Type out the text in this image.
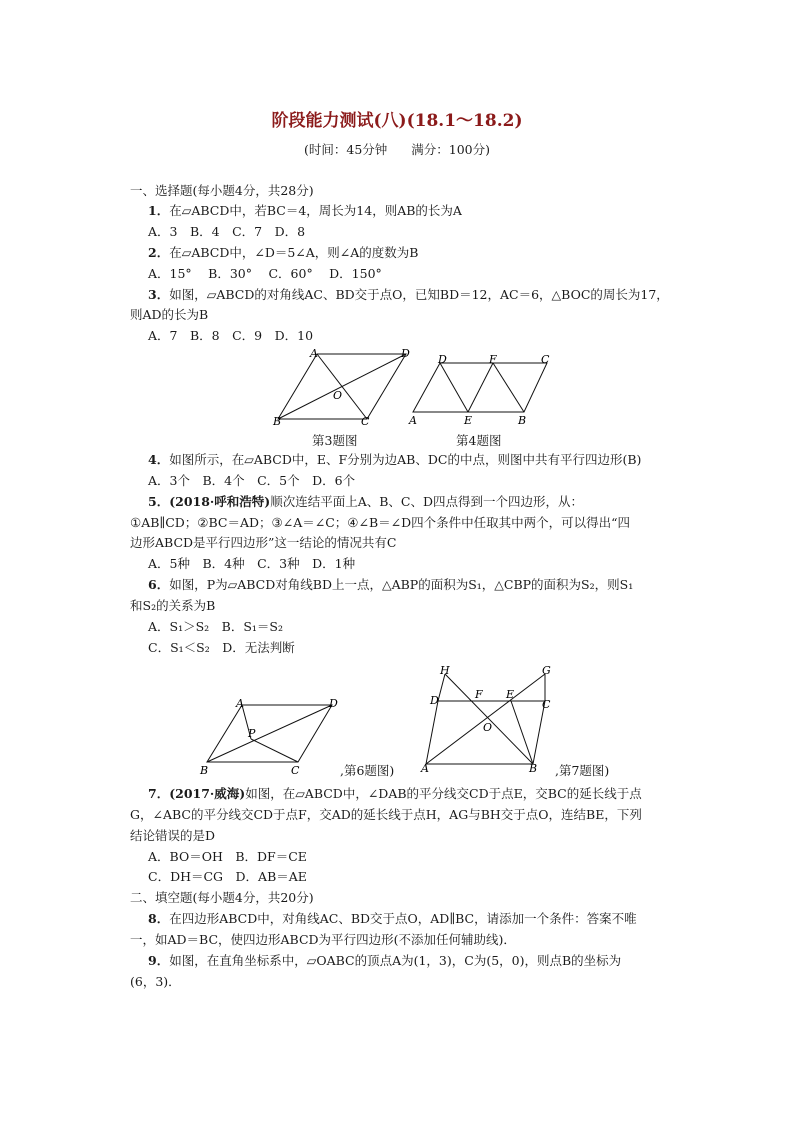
阶段能力测试(八)(18.1～18.2)
(时间：45分钟 满分：100分)
一、选择题(每小题4分，共28分)
1．在▱ABCD中，若BC＝4，周长为14，则AB的长为A
A．3　B．4　C．7　D．8
2．在▱ABCD中，∠D＝5∠A，则∠A的度数为B
A．15°　 B．30°　 C．60°　 D．150°
3．如图，▱ABCD的对角线AC、BD交于点O，已知BD＝12，AC＝6，△BOC的周长为17，
则AD的长为B
A．7　B．8　C．9　D．10
A	D
B	C
O
第3题图
D	F	C
A	E	B
第4题图
4．如图所示，在▱ABCD中，E、F分别为边AB、DC的中点，则图中共有平行四边形(B)
A．3个　B．4个　C．5个　D．6个
5．(2018·呼和浩特)顺次连结平面上A、B、C、D四点得到一个四边形，从：
①AB∥CD；②BC＝AD；③∠A＝∠C；④∠B＝∠D四个条件中任取其中两个，可以得出“四
边形ABCD是平行四边形”这一结论的情况共有C
A．5种　B．4种　C．3种　D．1种
6．如图，P为▱ABCD对角线BD上一点，△ABP的面积为S₁，△CBP的面积为S₂，则S₁
和S₂的关系为B
A．S₁＞S₂　B．S₁＝S₂
C．S₁＜S₂　D．无法判断
A	D
B	C
P
,第6题图)
H	G
D	C
F E
O
A	B ,第7题图)
7．(2017·威海)如图，在▱ABCD中，∠DAB的平分线交CD于点E，交BC的延长线于点
G，∠ABC的平分线交CD于点F，交AD的延长线于点H，AG与BH交于点O，连结BE，下列
结论错误的是D
A．BO＝OH　B．DF＝CE
C．DH＝CG　D．AB＝AE
二、填空题(每小题4分，共20分)
8．在四边形ABCD中，对角线AC、BD交于点O，AD∥BC，请添加一个条件：答案不唯
一，如AD＝BC，使四边形ABCD为平行四边形(不添加任何辅助线)．
9．如图，在直角坐标系中，▱OABC的顶点A为(1，3)，C为(5，0)，则点B的坐标为
(6，3)．
